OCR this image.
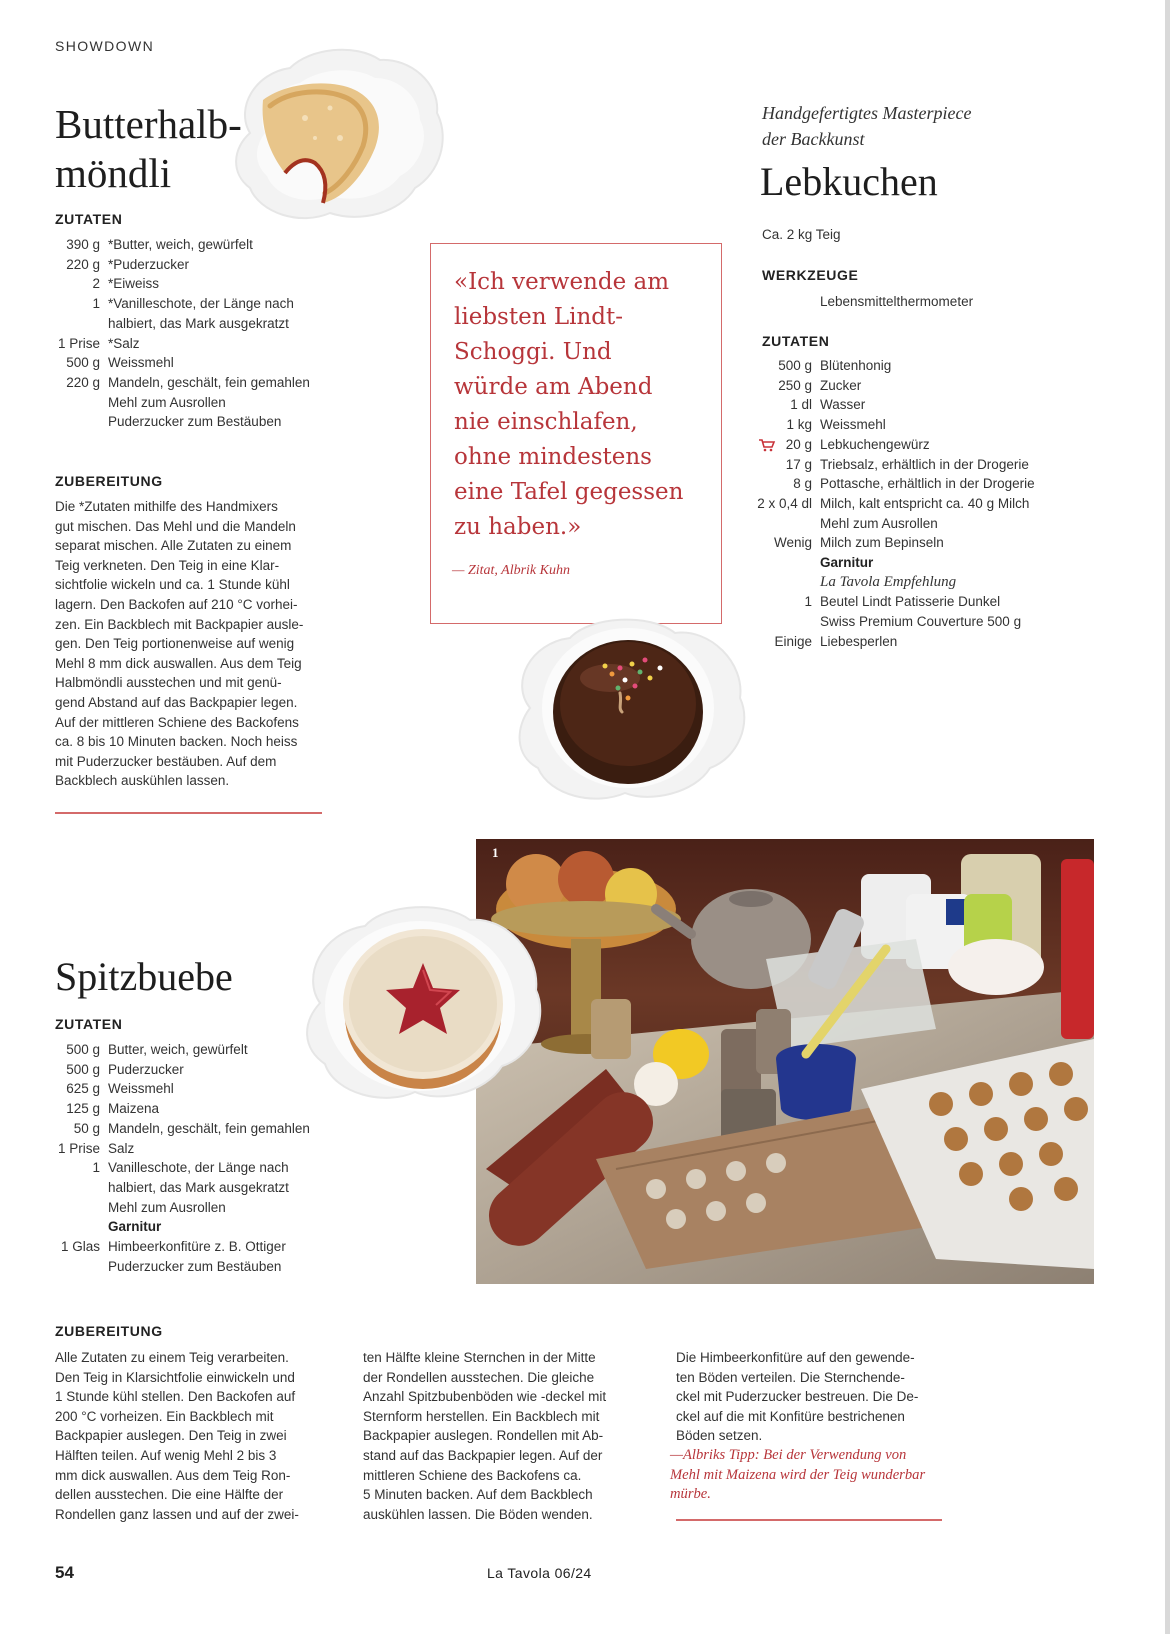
SHOWDOWN
Butterhalb-
möndli
ZUTATEN
390 g	*Butter, weich, gewürfelt
220 g	*Puderzucker
2	*Eiweiss
1	*Vanilleschote, der Länge nach halbiert, das Mark ausgekratzt
1 Prise	*Salz
500 g	Weissmehl
220 g	Mandeln, geschält, fein gemahlen
	Mehl zum Ausrollen
	Puderzucker zum Bestäuben
ZUBEREITUNG
Die *Zutaten mithilfe des Handmixers
gut mischen. Das Mehl und die Mandeln
separat mischen. Alle Zutaten zu einem
Teig verkneten. Den Teig in eine Klar-
sichtfolie wickeln und ca. 1 Stunde kühl
lagern. Den Backofen auf 210 °C vorhei-
zen. Ein Backblech mit Backpapier ausle-
gen. Den Teig portionenweise auf wenig
Mehl 8 mm dick auswallen. Aus dem Teig
Halbmöndli ausstechen und mit genü-
gend Abstand auf das Backpapier legen.
Auf der mittleren Schiene des Backofens
ca. 8 bis 10 Minuten backen. Noch heiss
mit Puderzucker bestäuben. Auf dem
Backblech auskühlen lassen.
«Ich verwende am
liebsten Lindt-
Schoggi. Und
würde am Abend
nie einschlafen,
ohne mindestens
eine Tafel gegessen
zu haben.»
— Zitat, Albrik Kuhn
Handgefertigtes Masterpiece
der Backkunst
Lebkuchen
Ca. 2 kg Teig
WERKZEUGE
Lebensmittelthermometer
ZUTATEN
500 g	Blütenhonig
250 g	Zucker
1 dl	Wasser
1 kg	Weissmehl

20 g	Lebkuchengewürz
17 g	Triebsalz, erhältlich in der Drogerie
8 g	Pottasche, erhältlich in der Drogerie
2 x 0,4 dl	Milch, kalt entspricht ca. 40 g Milch
	Mehl zum Ausrollen
Wenig	Milch zum Bepinseln
	Garnitur
	La Tavola Empfehlung
1	Beutel Lindt Patisserie Dunkel Swiss Premium Couverture 500 g
Einige	Liebesperlen
1
Spitzbuebe
ZUTATEN
500 g	Butter, weich, gewürfelt
500 g	Puderzucker
625 g	Weissmehl
125 g	Maizena
50 g	Mandeln, geschält, fein gemahlen
1 Prise	Salz
1	Vanilleschote, der Länge nach halbiert, das Mark ausgekratzt
	Mehl zum Ausrollen
	Garnitur
1 Glas	Himbeerkonfitüre z. B. Ottiger
	Puderzucker zum Bestäuben
ZUBEREITUNG
Alle Zutaten zu einem Teig verarbeiten.
Den Teig in Klarsichtfolie einwickeln und
1 Stunde kühl stellen. Den Backofen auf
200 °C vorheizen. Ein Backblech mit
Backpapier auslegen. Den Teig in zwei
Hälften teilen. Auf wenig Mehl 2 bis 3
mm dick auswallen. Aus dem Teig Ron-
dellen ausstechen. Die eine Hälfte der
Rondellen ganz lassen und auf der zwei-
ten Hälfte kleine Sternchen in der Mitte
der Rondellen ausstechen. Die gleiche
Anzahl Spitzbubenböden wie -deckel mit
Sternform herstellen. Ein Backblech mit
Backpapier auslegen. Rondellen mit Ab-
stand auf das Backpapier legen. Auf der
mittleren Schiene des Backofens ca.
5 Minuten backen. Auf dem Backblech
auskühlen lassen. Die Böden wenden.
Die Himbeerkonfitüre auf den gewende-
ten Böden verteilen. Die Sternchende-
ckel mit Puderzucker bestreuen. Die De-
ckel auf die mit Konfitüre bestrichenen
Böden setzen.
—Albriks Tipp: Bei der Verwendung von
Mehl mit Maizena wird der Teig wunderbar
mürbe.
54	La Tavola 06/24
